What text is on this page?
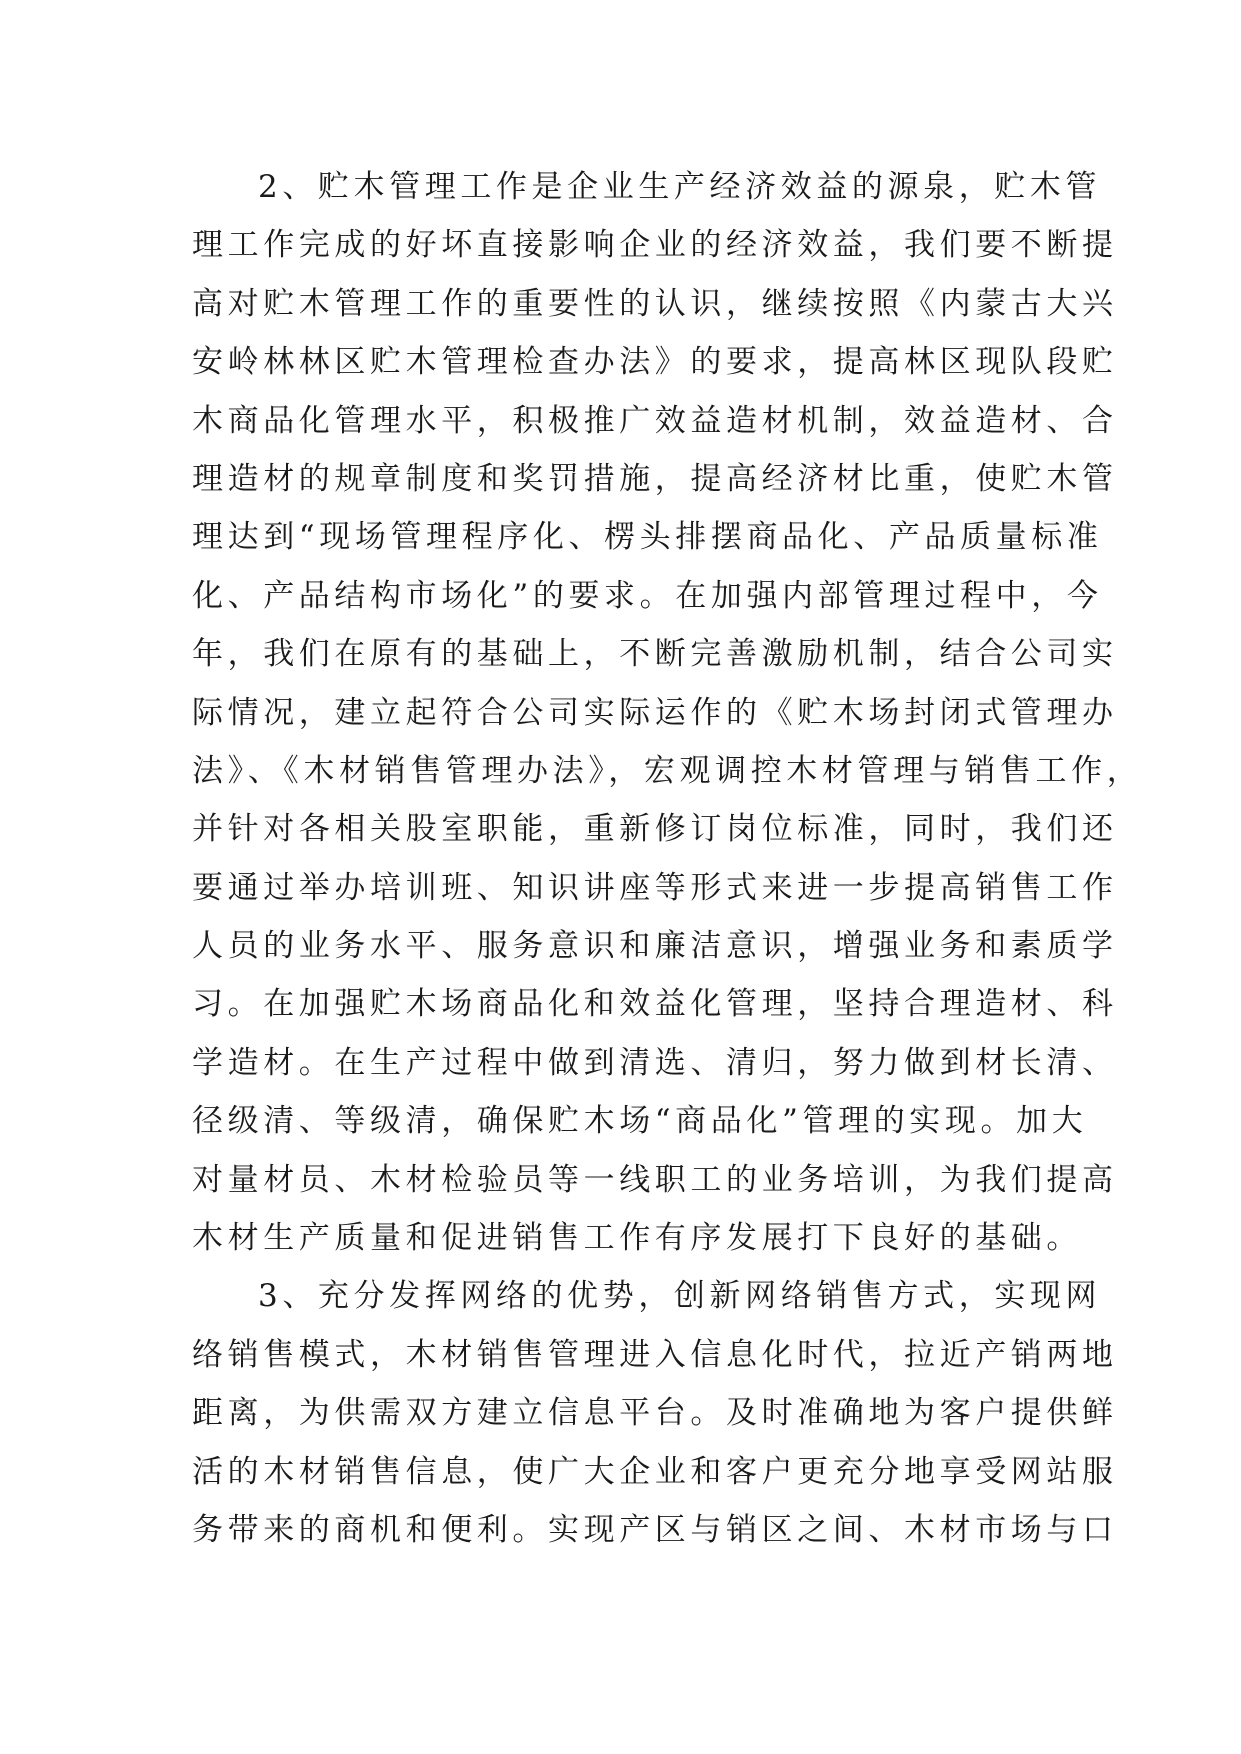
2、贮木管理工作是企业生产经济效益的源泉，贮木管
理工作完成的好坏直接影响企业的经济效益，我们要不断提
高对贮木管理工作的重要性的认识，继续按照《内蒙古大兴
安岭林林区贮木管理检查办法》的要求，提高林区现队段贮
木商品化管理水平，积极推广效益造材机制，效益造材、合
理造材的规章制度和奖罚措施，提高经济材比重，使贮木管
理达到“现场管理程序化、楞头排摆商品化、产品质量标准
化、产品结构市场化”的要求。在加强内部管理过程中，今
年，我们在原有的基础上，不断完善激励机制，结合公司实
际情况，建立起符合公司实际运作的《贮木场封闭式管理办
法》、《木材销售管理办法》，宏观调控木材管理与销售工作，
并针对各相关股室职能，重新修订岗位标准，同时，我们还
要通过举办培训班、知识讲座等形式来进一步提高销售工作
人员的业务水平、服务意识和廉洁意识，增强业务和素质学
习。在加强贮木场商品化和效益化管理，坚持合理造材、科
学造材。在生产过程中做到清选、清归，努力做到材长清、
径级清、等级清，确保贮木场“商品化”管理的实现。加大
对量材员、木材检验员等一线职工的业务培训，为我们提高
木材生产质量和促进销售工作有序发展打下良好的基础。
3、充分发挥网络的优势，创新网络销售方式，实现网
络销售模式，木材销售管理进入信息化时代，拉近产销两地
距离，为供需双方建立信息平台。及时准确地为客户提供鲜
活的木材销售信息，使广大企业和客户更充分地享受网站服
务带来的商机和便利。实现产区与销区之间、木材市场与口
